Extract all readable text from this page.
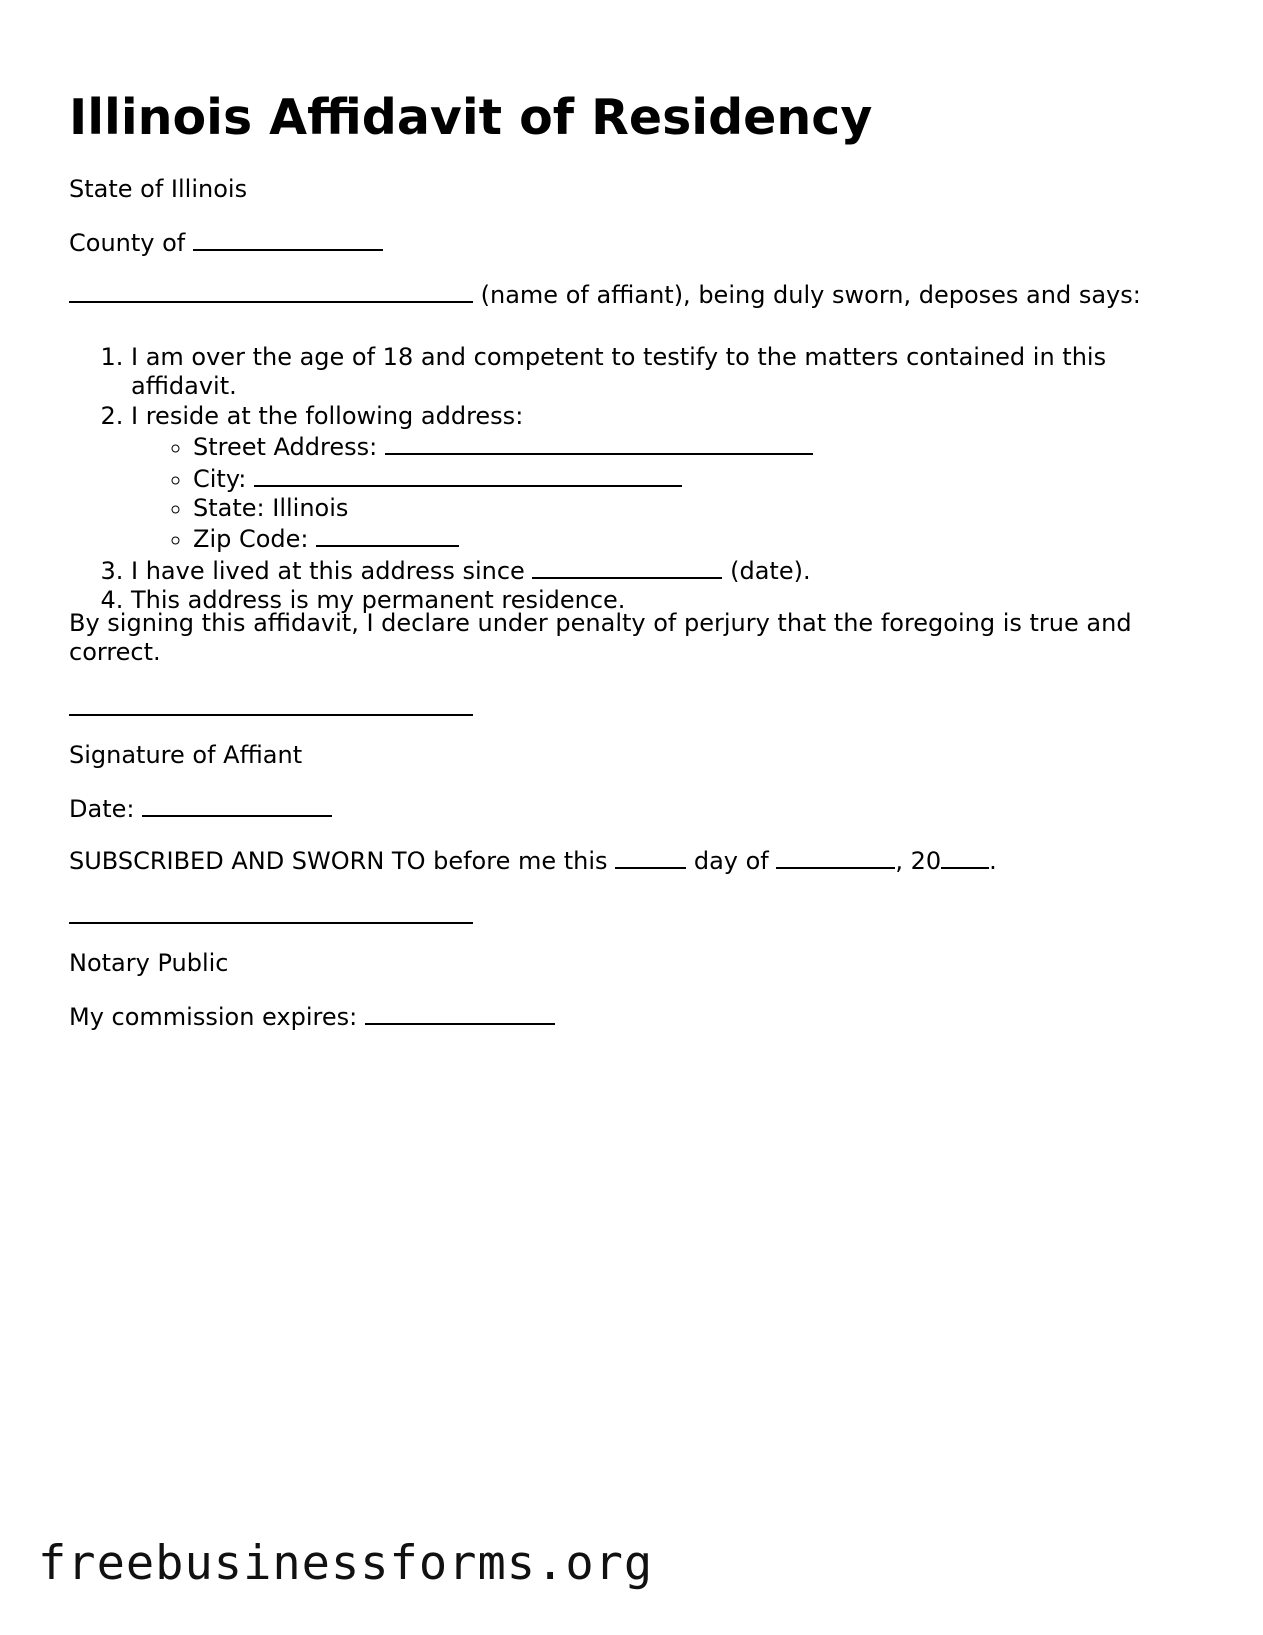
Illinois Affidavit of Residency
State of Illinois
County of
(name of affiant), being duly sworn, deposes and says:
1. I am over the age of 18 and competent to testify to the matters contained in this affidavit.
2. I reside at the following address:
◦ Street Address:
◦ City:
◦ State: Illinois
◦ Zip Code:
3. I have lived at this address since	(date).
4. This address is my permanent residence.
By signing this affidavit, I declare under penalty of perjury that the foregoing is true and correct.
Signature of Affiant
Date:
SUBSCRIBED AND SWORN TO before me this	day of	, 20 .
Notary Public
My commission expires:
freebusinessforms.org
